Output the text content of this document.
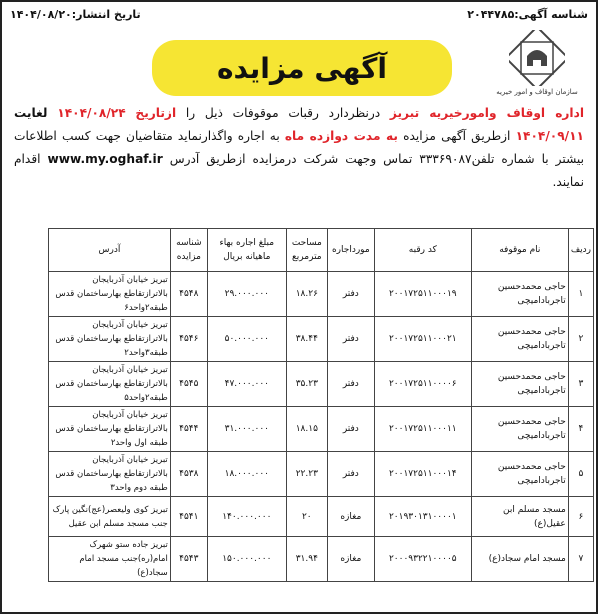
شناسه آگهی:۲۰۴۴۷۸۵
تاریخ انتشار:۱۴۰۴/۰۸/۲۰
سازمان اوقاف و امور خیریه
آگهی مزایده
اداره اوقاف وامورخیریه تبریز درنظردارد رقبات موقوفات ذیل را ازتاریخ ۱۴۰۴/۰۸/۲۴ لغایت ۱۴۰۴/۰۹/۱۱ ازطریق آگهی مزایده به مدت دوازده ماه به اجاره واگذارنماید متقاضیان جهت کسب اطلاعات بیشتر با شماره تلفن۳۳۳۶۹۰۸۷ تماس وجهت شرکت درمزایده ازطریق آدرس www.my.oghaf.ir اقدام نمایند.
ردیف	نام موقوفه	کد رقبه	مورداجاره	مساحت مترمربع	مبلغ اجاره بهاء ماهیانه بریال	شناسه مزایده	آدرس
۱	حاجی محمدحسین تاجرباداميچی	۲۰۰۱۷۲۵۱۱۰۰۰۱۹	دفتر	۱۸.۲۶	۲۹.۰۰۰.۰۰۰	۴۵۴۸	تبریز خیابان آذربایجان بالاترازتقاطع بهارساختمان قدس طبقه۲واحد۶
۲	حاجی محمدحسین تاجرباداميچی	۲۰۰۱۷۲۵۱۱۰۰۰۲۱	دفتر	۳۸.۴۴	۵۰.۰۰۰.۰۰۰	۴۵۴۶	تبریز خیابان آذربایجان بالاترازتقاطع بهارساختمان قدس طبقه۳واحد۲
۳	حاجی محمدحسین تاجرباداميچی	۲۰۰۱۷۲۵۱۱۰۰۰۰۶	دفتر	۳۵.۲۳	۴۷.۰۰۰.۰۰۰	۴۵۴۵	تبریز خیابان آذربایجان بالاترازتقاطع بهارساختمان قدس طبقه۲واحد۵
۴	حاجی محمدحسین تاجرباداميچی	۲۰۰۱۷۲۵۱۱۰۰۰۱۱	دفتر	۱۸.۱۵	۳۱.۰۰۰.۰۰۰	۴۵۴۴	تبریز خیابان آذربایجان بالاترازتقاطع بهارساختمان قدس طبقه اول واحد۲
۵	حاجی محمدحسین تاجرباداميچی	۲۰۰۱۷۲۵۱۱۰۰۰۱۴	دفتر	۲۲.۲۳	۱۸.۰۰۰.۰۰۰	۴۵۳۸	تبریز خیابان آذربایجان بالاترازتقاطع بهارساختمان قدس طبقه دوم واحد۳
۶	مسجد مسلم ابن عقیل(ع)	۲۰۱۹۳۰۱۳۱۰۰۰۰۱	مغازه	۲۰	۱۴۰.۰۰۰.۰۰۰	۴۵۴۱	تبریز کوی ولیعصر(عج)نگین پارک جنب مسجد مسلم ابن عقیل
۷	مسجد امام سجاد(ع)	۲۰۰۰۹۳۲۲۱۰۰۰۰۵	مغازه	۳۱.۹۴	۱۵۰.۰۰۰.۰۰۰	۴۵۴۳	تبریز جاده ستو شهرک امام(ره)جنب مسجد امام سجاد(ع)
